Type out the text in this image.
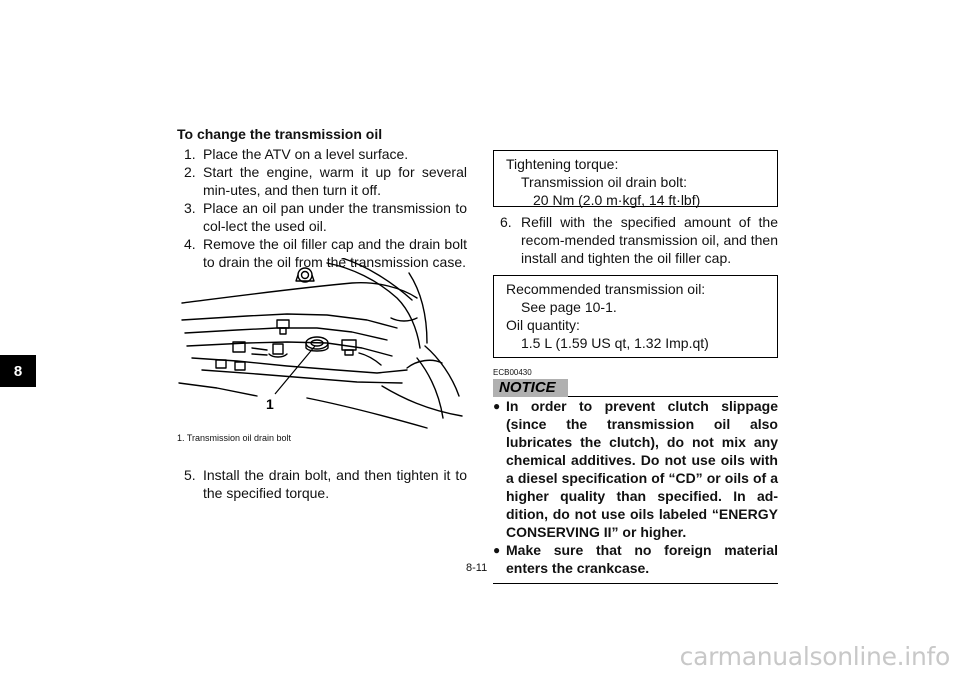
8
To change the transmission oil
1. Place the ATV on a level surface.
2. Start the engine, warm it up for several min-utes, and then turn it off.
3. Place an oil pan under the transmission to col-lect the used oil.
4. Remove the oil filler cap and the drain bolt to drain the oil from the transmission case.
1
1. Transmission oil drain bolt
5. Install the drain bolt, and then tighten it to the specified torque.
Tightening torque:
Transmission oil drain bolt:
20 Nm (2.0 m·kgf, 14 ft·lbf)
6. Refill with the specified amount of the recom-mended transmission oil, and then install and tighten the oil filler cap.
Recommended transmission oil:
See page 10-1.
Oil quantity:
1.5 L (1.59 US qt, 1.32 Imp.qt)
ECB00430
NOTICE
● In order to prevent clutch slippage (since the transmission oil also lubricates the clutch), do not mix any chemical additives. Do not use oils with a diesel specification of “CD” or oils of a higher quality than specified. In ad-dition, do not use oils labeled “ENERGY CONSERVING II” or higher.
● Make sure that no foreign material enters the crankcase.
8-11
carmanualsonline.info
